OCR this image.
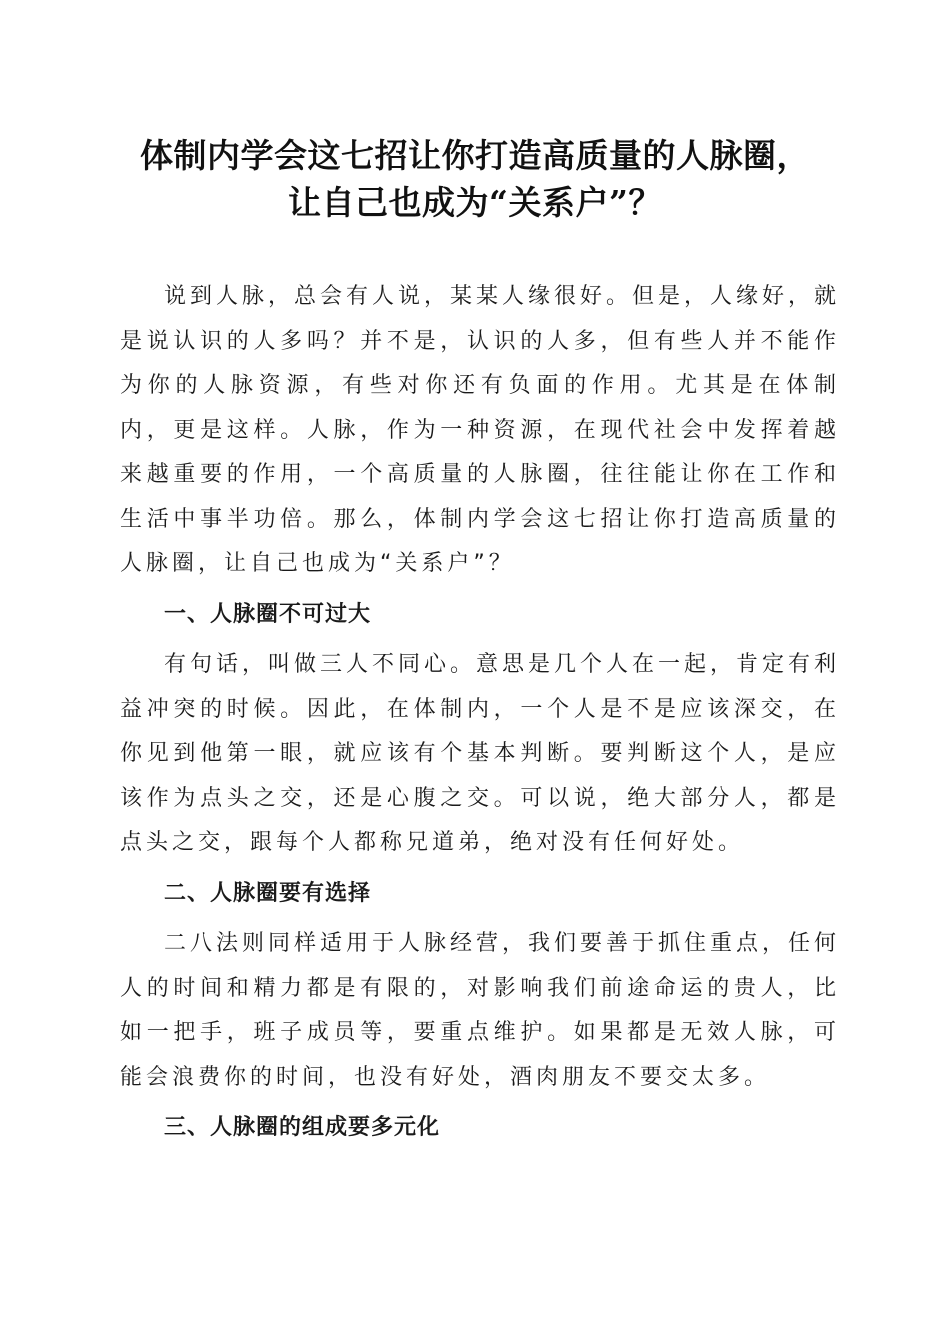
体制内学会这七招让你打造高质量的人脉圈，
让自己也成为“关系户”？

说到人脉，总会有人说，某某人缘很好。但是，人缘好，就是说认识的人多吗？并不是，认识的人多，但有些人并不能作为你的人脉资源，有些对你还有负面的作用。尤其是在体制内，更是这样。人脉，作为一种资源，在现代社会中发挥着越来越重要的作用，一个高质量的人脉圈，往往能让你在工作和生活中事半功倍。那么，体制内学会这七招让你打造高质量的人脉圈，让自己也成为“关系户”？

一、人脉圈不可过大

有句话，叫做三人不同心。意思是几个人在一起，肯定有利益冲突的时候。因此，在体制内，一个人是不是应该深交，在你见到他第一眼，就应该有个基本判断。要判断这个人，是应该作为点头之交，还是心腹之交。可以说，绝大部分人，都是点头之交，跟每个人都称兄道弟，绝对没有任何好处。

二、人脉圈要有选择

二八法则同样适用于人脉经营，我们要善于抓住重点，任何人的时间和精力都是有限的，对影响我们前途命运的贵人，比如一把手，班子成员等，要重点维护。如果都是无效人脉，可能会浪费你的时间，也没有好处，酒肉朋友不要交太多。

三、人脉圈的组成要多元化
